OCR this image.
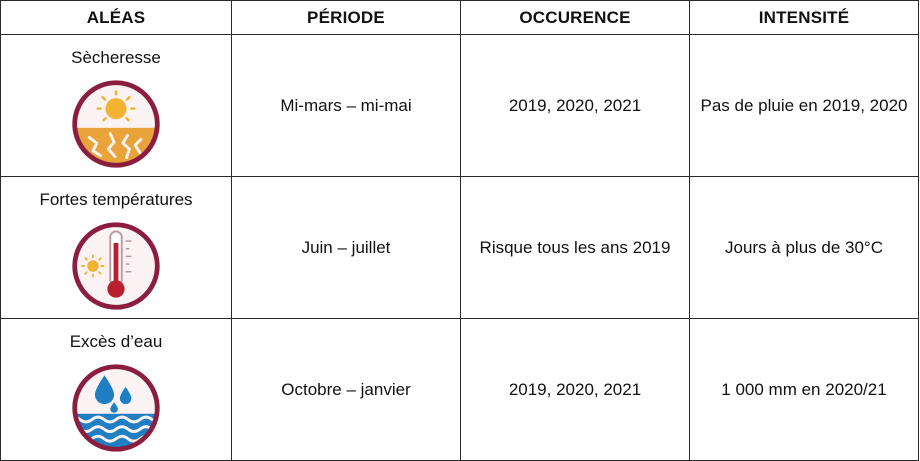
ALÉAS	PÉRIODE	OCCURENCE	INTENSITÉ

Sècheresse	Mi-mars – mi-mai	2019, 2020, 2021	Pas de pluie en 2019, 2020

Fortes températures	Juin – juillet	Risque tous les ans 2019	Jours à plus de 30°C

Excès d’eau	Octobre – janvier	2019, 2020, 2021	1 000 mm en 2020/21
